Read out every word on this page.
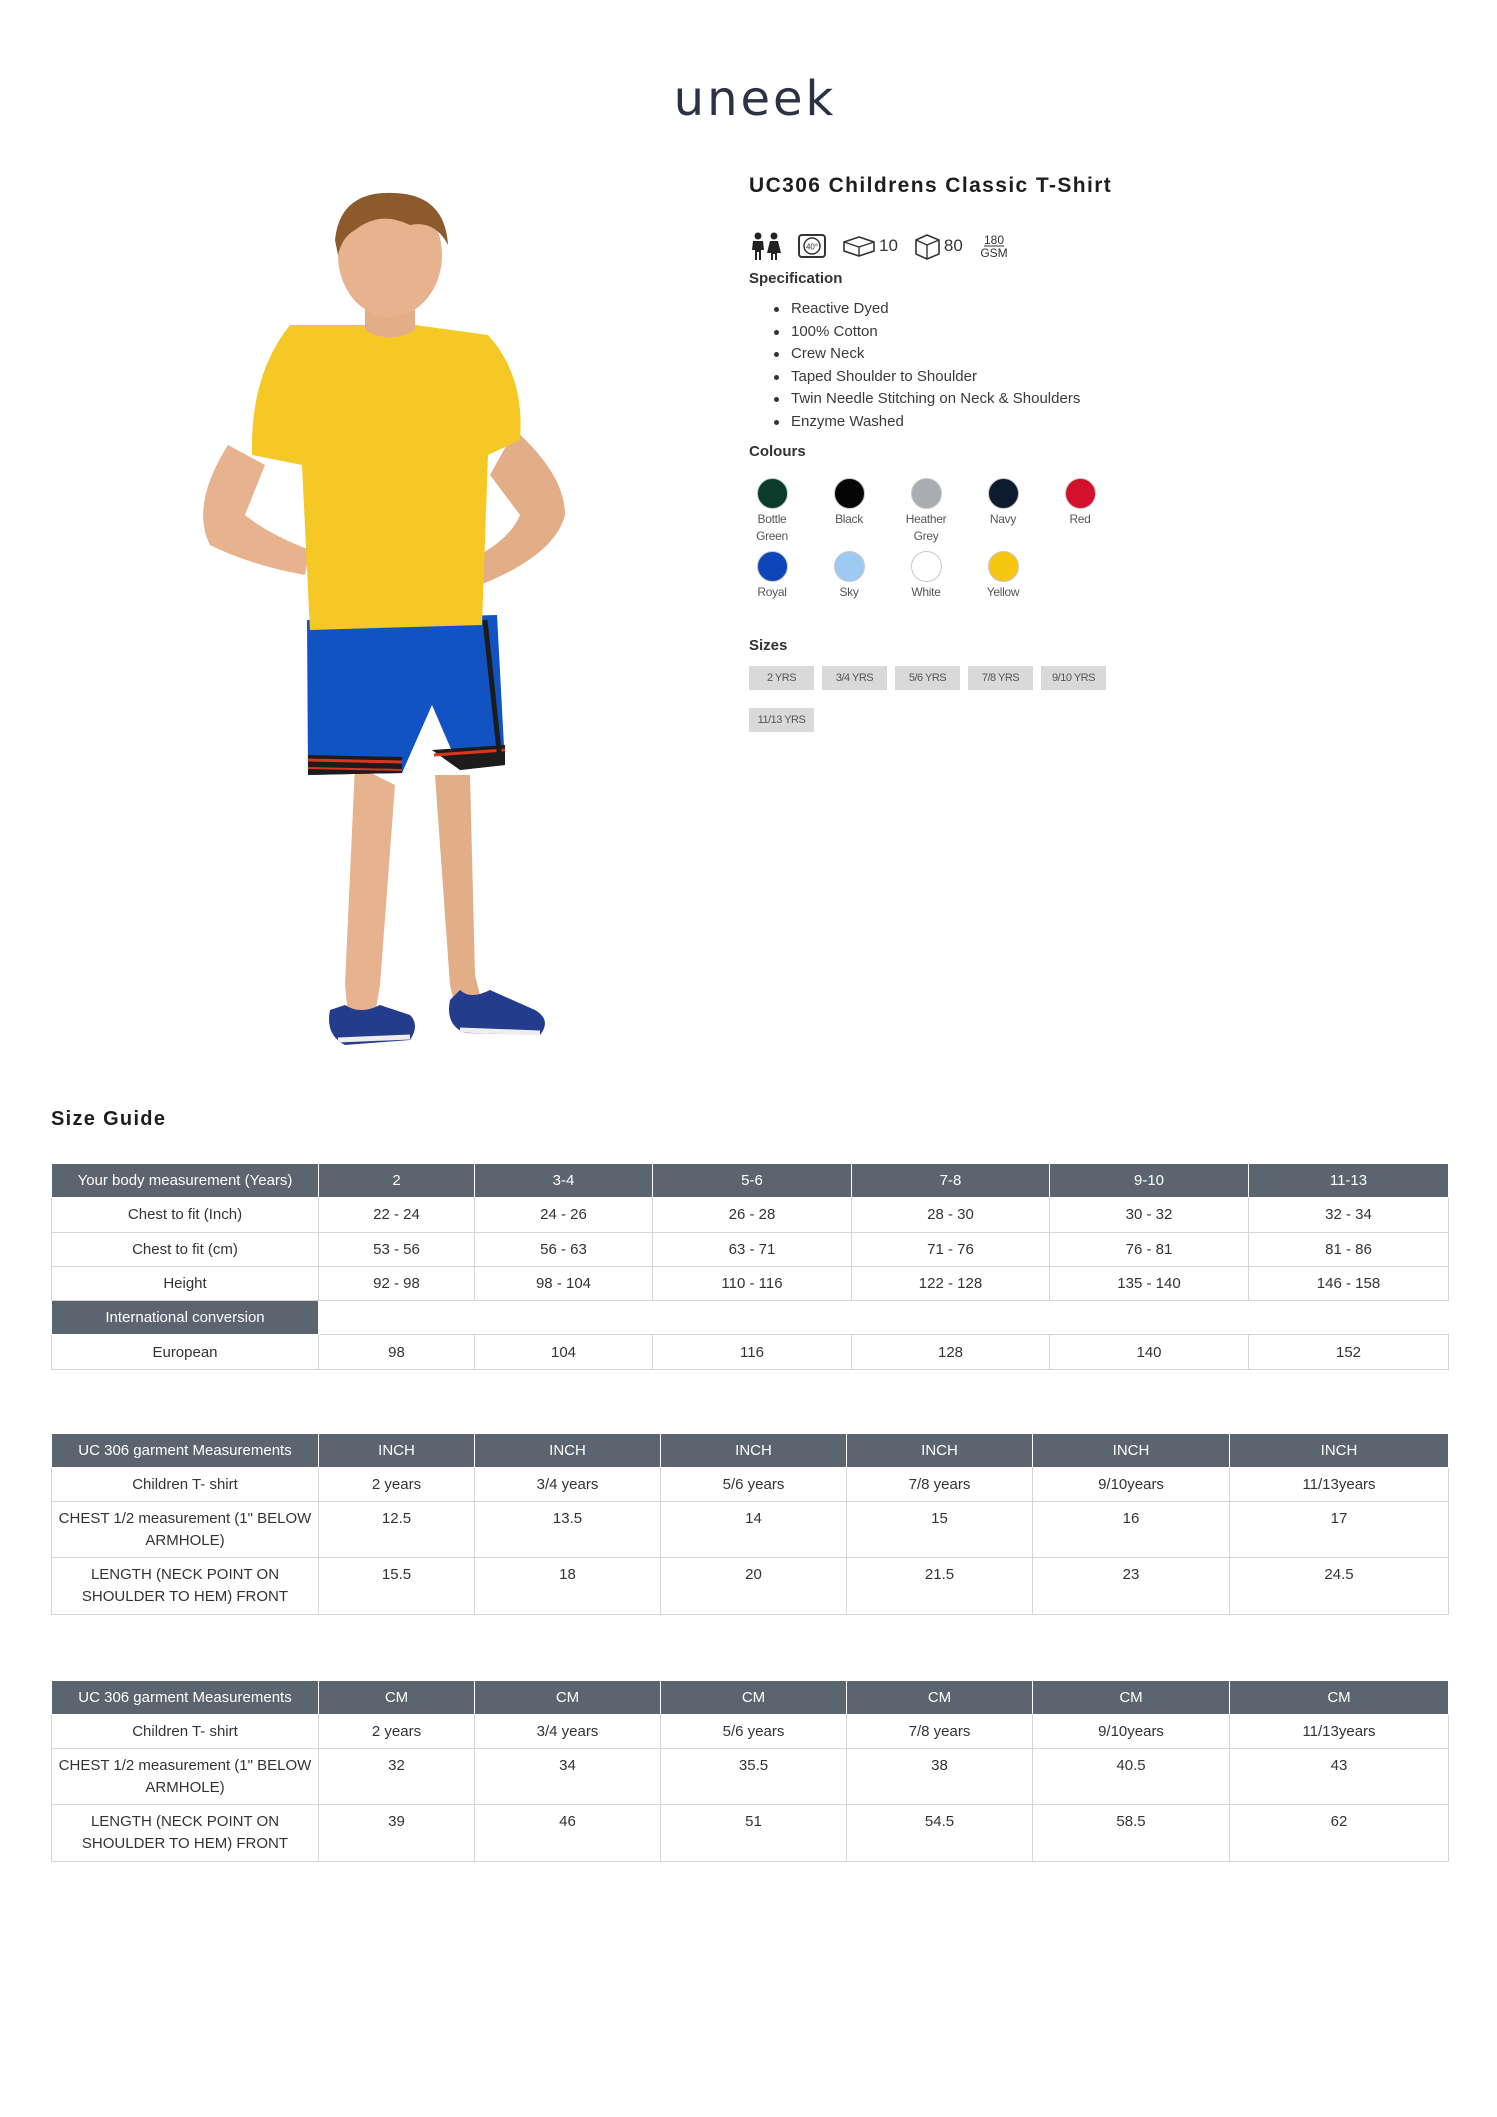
uneek
UC306 Childrens Classic T-Shirt
40°	10	80 180
GSM
Specification
Reactive Dyed
100% Cotton
Crew Neck
Taped Shoulder to Shoulder
Twin Needle Stitching on Neck & Shoulders
Enzyme Washed
Colours
Bottle Green
Black	Heather Grey
Navy	Red
Royal	Sky	White	Yellow
Sizes
2 YRS	3/4 YRS	5/6 YRS	7/8 YRS	9/10 YRS
11/13 YRS
Size Guide
Your body measurement (Years)	2	3-4	5-6	7-8	9-10	11-13
Chest to fit (Inch)	22 - 24	24 - 26	26 - 28	28 - 30	30 - 32	32 - 34
Chest to fit (cm)	53 - 56	56 - 63	63 - 71	71 - 76	76 - 81	81 - 86
Height	92 - 98	98 - 104	110 - 116	122 - 128	135 - 140	146 - 158
International conversion						
European	98	104	116	128	140	152
UC 306 garment Measurements	INCH	INCH	INCH	INCH	INCH	INCH
Children T- shirt	2 years	3/4 years	5/6 years	7/8 years	9/10years	11/13years
CHEST 1/2 measurement (1" BELOW ARMHOLE)	12.5	13.5	14	15	16	17
LENGTH (NECK POINT ON SHOULDER TO HEM) FRONT	15.5	18	20	21.5	23	24.5
UC 306 garment Measurements	CM	CM	CM	CM	CM	CM
Children T- shirt	2 years	3/4 years	5/6 years	7/8 years	9/10years	11/13years
CHEST 1/2 measurement (1" BELOW ARMHOLE)	32	34	35.5	38	40.5	43
LENGTH (NECK POINT ON SHOULDER TO HEM) FRONT	39	46	51	54.5	58.5	62
